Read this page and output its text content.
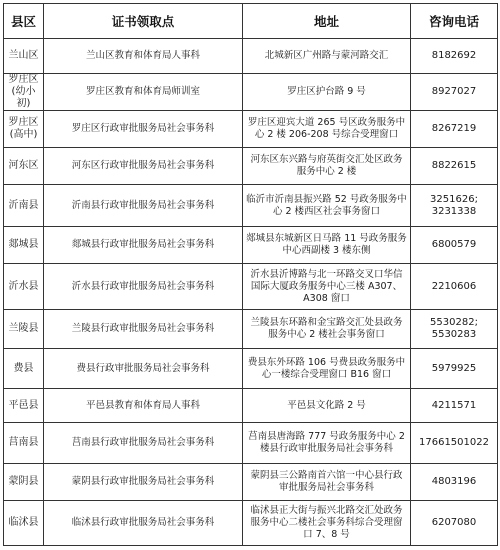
县区	证书领取点	地址	咨询电话
兰山区	兰山区教育和体育局人事科	北城新区广州路与蒙河路交汇	8182692
罗庄区(幼小初)	罗庄区教育和体育局师训室	罗庄区护台路 9 号	8927027
罗庄区(高中)	罗庄区行政审批服务局社会事务科	罗庄区迎宾大道 265 号区政务服务中心 2 楼 206-208 号综合受理窗口	8267219
河东区	河东区行政审批服务局社会事务科	河东区东兴路与府英街交汇处区政务服务中心 2 楼	8822615
沂南县	沂南县行政审批服务局社会事务科	临沂市沂南县振兴路 52 号政务服务中心 2 楼西区社会事务窗口	3251626; 3231338
郯城县	郯城县行政审批服务局社会事务科	郯城县东城新区日马路 11 号政务服务中心西副楼 3 楼东侧	6800579
沂水县	沂水县行政审批服务局社会事务科	沂水县沂博路与北一环路交叉口华信国际大厦政务服务中心三楼 A307、A308 窗口	2210606
兰陵县	兰陵县行政审批服务局社会事务科	兰陵县东环路和金宝路交汇处县政务服务中心 2 楼社会事务窗口	5530282; 5530283
费县	费县行政审批服务局社会事务科	费县东外环路 106 号费县政务服务中心一楼综合受理窗口 B16 窗口	5979925
平邑县	平邑县教育和体育局人事科	平邑县文化路 2 号	4211571
莒南县	莒南县行政审批服务局社会事务科	莒南县唐海路 777 号政务服务中心 2 楼县行政审批服务局社会事务科	17661501022
蒙阴县	蒙阴县行政审批服务局社会事务科	蒙阴县三公路南首六馆一中心县行政审批服务局社会事务科	4803196
临沭县	临沭县行政审批服务局社会事务科	临沭县正大街与振兴北路交汇处政务服务中心二楼社会事务科综合受理窗口 7、8 号	6207080
